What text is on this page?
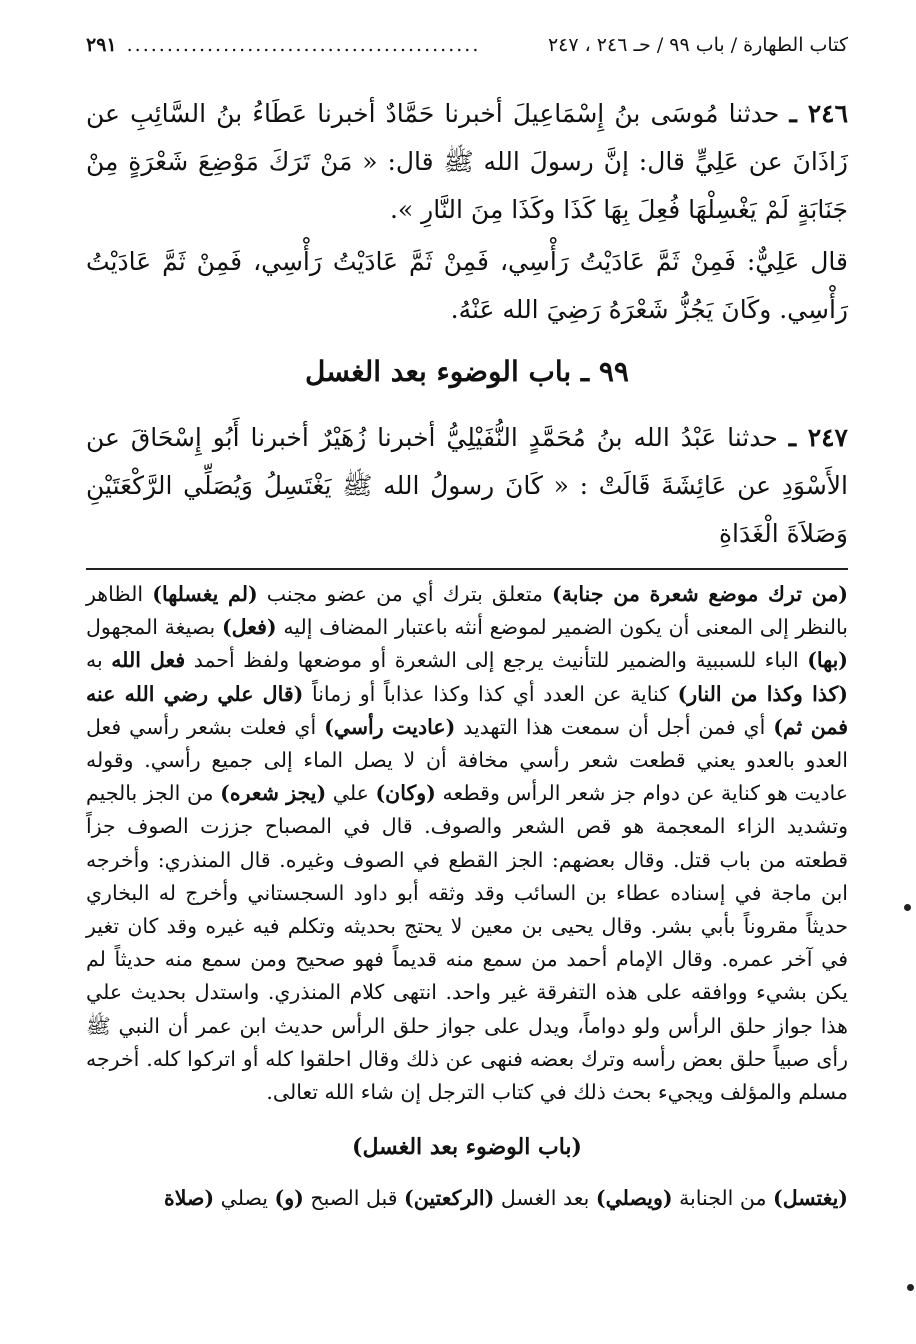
كتاب الطهارة / باب ٩٩ / حـ ٢٤٦ ، ٢٤٧
............................................
٢٩١

٢٤٦ ـ حدثنا مُوسَى بنُ إِسْمَاعِيلَ أخبرنا حَمَّادٌ أخبرنا عَطَاءُ بنُ السَّائِبِ عن زَاذَانَ عن عَلِيٍّ قال: إنَّ رسولَ الله ﷺ قال: « مَنْ تَرَكَ مَوْضِعَ شَعْرَةٍ مِنْ جَنَابَةٍ لَمْ يَغْسِلْهَا فُعِلَ بِهَا كَذَا وكَذَا مِنَ النَّارِ ».

قال عَلِيٌّ: فَمِنْ ثَمَّ عَادَيْتُ رَأْسِي، فَمِنْ ثَمَّ عَادَيْتُ رَأْسِي، فَمِنْ ثَمَّ عَادَيْتُ رَأْسِي. وكَانَ يَجُزُّ شَعْرَهُ رَضِيَ الله عَنْهُ.

٩٩ ـ باب الوضوء بعد الغسل

٢٤٧ ـ حدثنا عَبْدُ الله بنُ مُحَمَّدٍ النُّفَيْلِيُّ أخبرنا زُهَيْرٌ أخبرنا أَبُو إِسْحَاقَ عن الأَسْوَدِ عن عَائِشَةَ قَالَتْ : « كَانَ رسولُ الله ﷺ يَغْتَسِلُ وَيُصَلِّي الرَّكْعَتَيْنِ وَصَلاَةَ الْغَدَاةِ

(من ترك موضع شعرة من جنابة) متعلق بترك أي من عضو مجنب (لم يغسلها) الظاهر بالنظر إلى المعنى أن يكون الضمير لموضع أنثه باعتبار المضاف إليه (فعل) بصيغة المجهول (بها) الباء للسببية والضمير للتأنيث يرجع إلى الشعرة أو موضعها ولفظ أحمد فعل الله به (كذا وكذا من النار) كناية عن العدد أي كذا وكذا عذاباً أو زماناً (قال علي رضي الله عنه فمن ثم) أي فمن أجل أن سمعت هذا التهديد (عاديت رأسي) أي فعلت بشعر رأسي فعل العدو بالعدو يعني قطعت شعر رأسي مخافة أن لا يصل الماء إلى جميع رأسي. وقوله عاديت هو كناية عن دوام جز شعر الرأس وقطعه (وكان) علي (يجز شعره) من الجز بالجيم وتشديد الزاء المعجمة هو قص الشعر والصوف. قال في المصباح جززت الصوف جزاً قطعته من باب قتل. وقال بعضهم: الجز القطع في الصوف وغيره. قال المنذري: وأخرجه ابن ماجة في إسناده عطاء بن السائب وقد وثقه أبو داود السجستاني وأخرج له البخاري حديثاً مقروناً بأبي بشر. وقال يحيى بن معين لا يحتج بحديثه وتكلم فيه غيره وقد كان تغير في آخر عمره. وقال الإمام أحمد من سمع منه قديماً فهو صحيح ومن سمع منه حديثاً لم يكن بشيء ووافقه على هذه التفرقة غير واحد. انتهى كلام المنذري. واستدل بحديث علي هذا جواز حلق الرأس ولو دواماً، ويدل على جواز حلق الرأس حديث ابن عمر أن النبي ﷺ رأى صبياً حلق بعض رأسه وترك بعضه فنهى عن ذلك وقال احلقوا كله أو اتركوا كله. أخرجه مسلم والمؤلف ويجيء بحث ذلك في كتاب الترجل إن شاء الله تعالى.

(باب الوضوء بعد الغسل)

(يغتسل) من الجنابة (ويصلي) بعد الغسل (الركعتين) قبل الصبح (و) يصلي (صلاة
